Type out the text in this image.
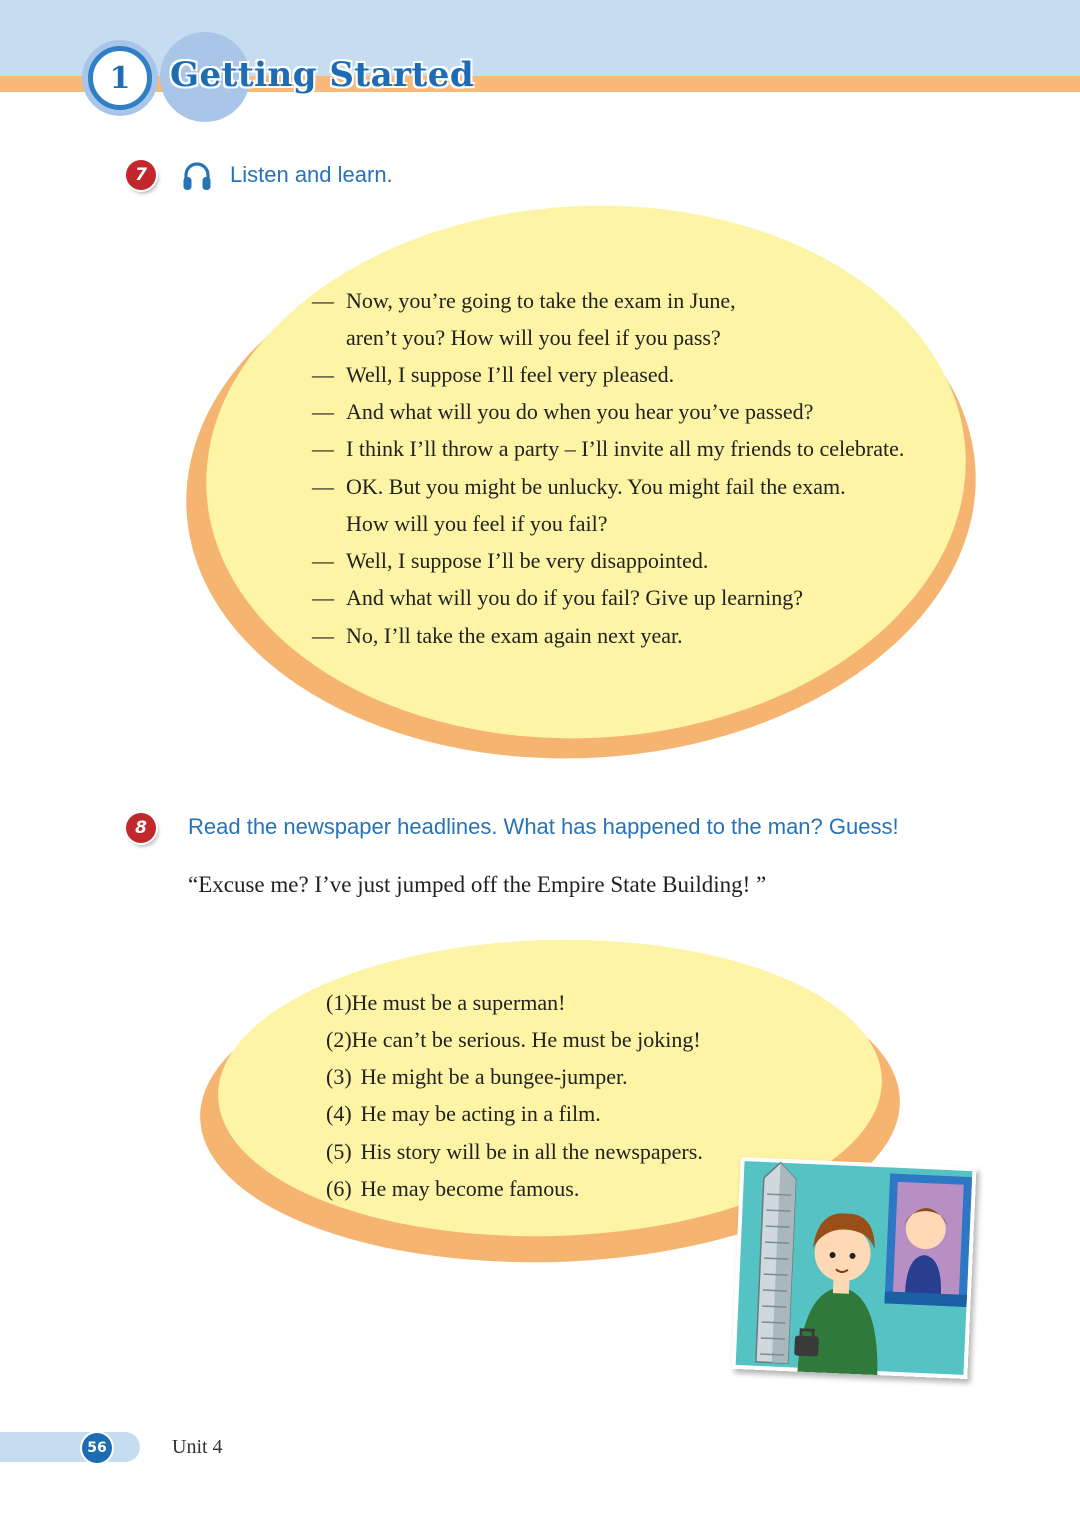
1	Getting Started
7	Listen and learn.
— Now, you’re going to take the exam in June,
aren’t you? How will you feel if you pass?
— Well, I suppose I’ll feel very pleased.
— And what will you do when you hear you’ve passed?
— I think I’ll throw a party – I’ll invite all my friends to celebrate.
— OK. But you might be unlucky. You might fail the exam.
How will you feel if you fail?
— Well, I suppose I’ll be very disappointed.
— And what will you do if you fail? Give up learning?
— No, I’ll take the exam again next year.
8	Read the newspaper headlines. What has happened to the man? Guess!
“Excuse me? I’ve just jumped off the Empire State Building! ”
(1)He must be a superman!
(2)He can’t be serious. He must be joking!
(3) He might be a bungee-jumper.
(4) He may be acting in a film.
(5) His story will be in all the newspapers.
(6) He may become famous.
56	Unit 4
